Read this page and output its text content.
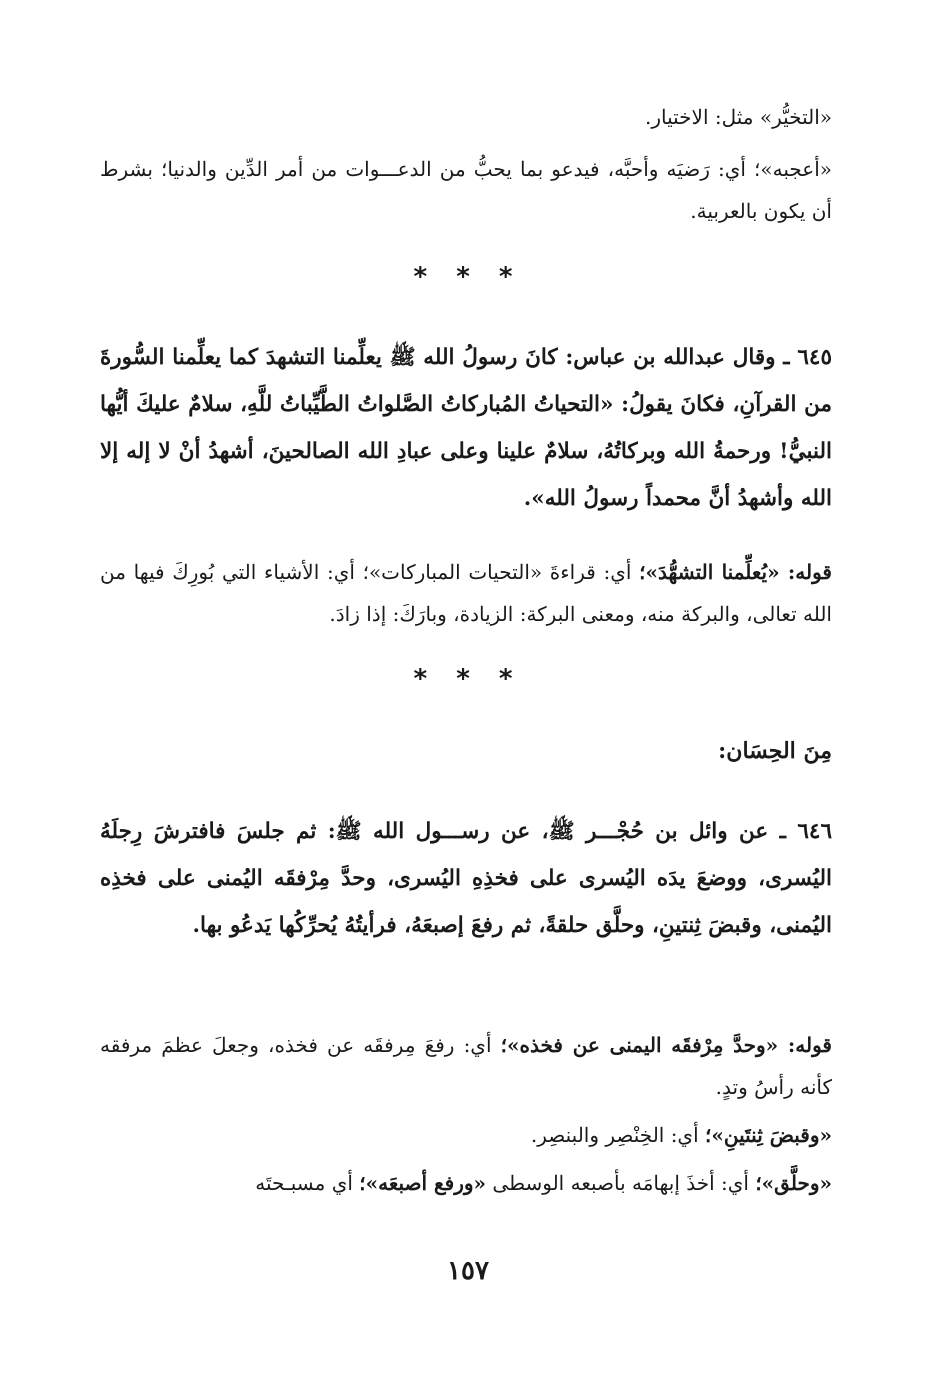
«التخيُّر» مثل: الاختيار.

«أعجبه»؛ أي: رَضيَه وأحبَّه، فيدعو بما يحبُّ من الدعـــوات من أمر الدِّين والدنيا؛ بشرط أن يكون بالعربية.

* * *

٦٤٥ ـ وقال عبدالله بن عباس: كانَ رسولُ الله ﷺ يعلِّمنا التشهدَ كما يعلِّمنا السُّورةَ من القرآنِ، فكانَ يقولُ: «التحياتُ المُباركاتُ الصَّلواتُ الطَّيِّباتُ للَّهِ، سلامٌ عليكَ أيُّها النبيُّ! ورحمةُ الله وبركاتُهُ، سلامٌ علينا وعلى عبادِ الله الصالحينَ، أشهدُ أنْ لا إله إلا الله وأشهدُ أنَّ محمداً رسولُ الله».

قوله: «يُعلِّمنا التشهُّدَ»؛ أي: قراءةَ «التحيات المباركات»؛ أي: الأشياء التي بُورِكَ فيها من الله تعالى، والبركة منه، ومعنى البركة: الزيادة، وبارَكَ: إذا زادَ.

* * *
مِنَ الحِسَان:

٦٤٦ ـ عن وائل بن حُجْـــر ﷺ، عن رســـول الله ﷺ: ثم جلسَ فافترشَ رِجلَهُ اليُسرى، ووضعَ يدَه اليُسرى على فخذِهِ اليُسرى، وحدَّ مِرْفقَه اليُمنى على فخذِه اليُمنى، وقبضَ ثِنتينِ، وحلَّق حلقةً، ثم رفعَ إصبعَهُ، فرأيتُهُ يُحرِّكُها يَدعُو بها.

قوله: «وحدَّ مِرْفقَه اليمنى عن فخذه»؛ أي: رفعَ مِرفقَه عن فخذه، وجعلَ عظمَ مرفقه كأنه رأسُ وتدٍ.

«وقبضَ ثِنتَينِ»؛ أي: الخِنْصِر والبنصِر.

«وحلَّق»؛ أي: أخذَ إبهامَه بأصبعه الوسطى «ورفع أصبعَه»؛ أي مسبـحتَه

١٥٧
